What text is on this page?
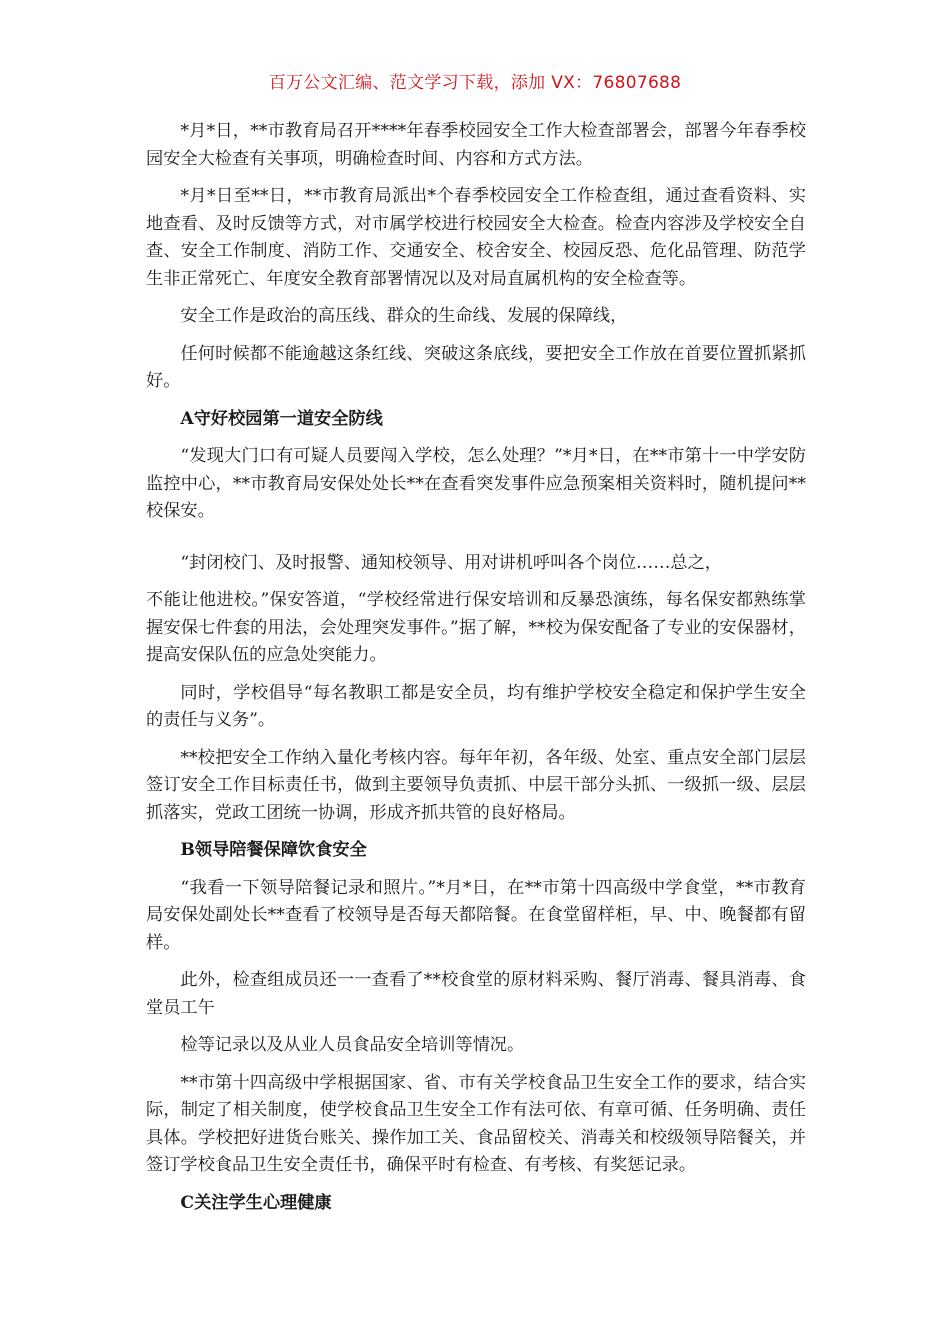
百万公文汇编、范文学习下载，添加 VX：76807688

*月*日，**市教育局召开****年春季校园安全工作大检查部署会，部署今年春季校园安全大检查有关事项，明确检查时间、内容和方式方法。

*月*日至**日，**市教育局派出*个春季校园安全工作检查组，通过查看资料、实地查看、及时反馈等方式，对市属学校进行校园安全大检查。检查内容涉及学校安全自查、安全工作制度、消防工作、交通安全、校舍安全、校园反恐、危化品管理、防范学生非正常死亡、年度安全教育部署情况以及对局直属机构的安全检查等。

安全工作是政治的高压线、群众的生命线、发展的保障线，

任何时候都不能逾越这条红线、突破这条底线，要把安全工作放在首要位置抓紧抓好。

A守好校园第一道安全防线

“发现大门口有可疑人员要闯入学校，怎么处理？”*月*日，在**市第十一中学安防监控中心，**市教育局安保处处长**在查看突发事件应急预案相关资料时，随机提问**校保安。

“封闭校门、及时报警、通知校领导、用对讲机呼叫各个岗位……总之，

不能让他进校。”保安答道，“学校经常进行保安培训和反暴恐演练，每名保安都熟练掌握安保七件套的用法，会处理突发事件。”据了解，**校为保安配备了专业的安保器材，提高安保队伍的应急处突能力。

同时，学校倡导“每名教职工都是安全员，均有维护学校安全稳定和保护学生安全的责任与义务”。

**校把安全工作纳入量化考核内容。每年年初，各年级、处室、重点安全部门层层签订安全工作目标责任书，做到主要领导负责抓、中层干部分头抓、一级抓一级、层层抓落实，党政工团统一协调，形成齐抓共管的良好格局。

B领导陪餐保障饮食安全

“我看一下领导陪餐记录和照片。”*月*日，在**市第十四高级中学食堂，**市教育局安保处副处长**查看了校领导是否每天都陪餐。在食堂留样柜，早、中、晚餐都有留样。

此外，检查组成员还一一查看了**校食堂的原材料采购、餐厅消毒、餐具消毒、食堂员工午

检等记录以及从业人员食品安全培训等情况。

**市第十四高级中学根据国家、省、市有关学校食品卫生安全工作的要求，结合实际，制定了相关制度，使学校食品卫生安全工作有法可依、有章可循、任务明确、责任具体。学校把好进货台账关、操作加工关、食品留校关、消毒关和校级领导陪餐关，并签订学校食品卫生安全责任书，确保平时有检查、有考核、有奖惩记录。

C关注学生心理健康
